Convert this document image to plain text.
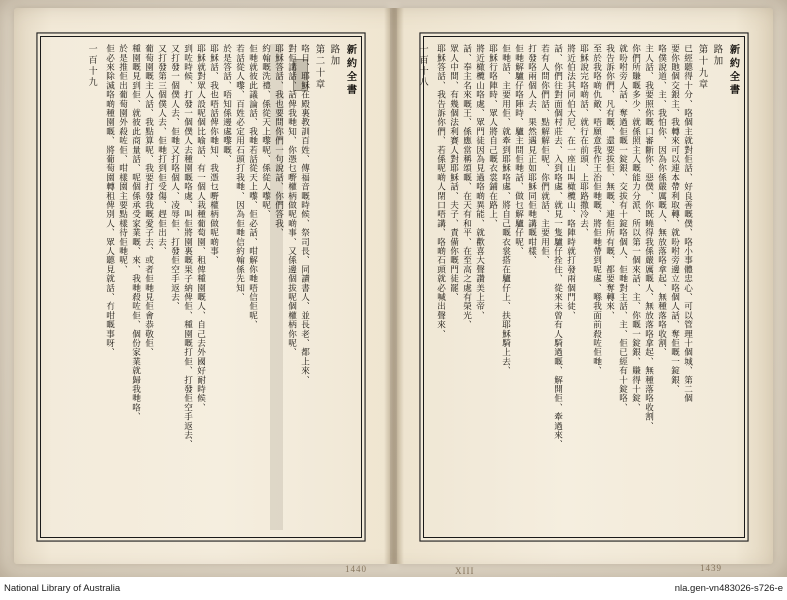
新約全書
路加
第十九章
已經聽得十分、咯個主就對佢話、好良善嘅僕、咯小事體忠心、可以管理十個城、第二個
要你貤個交銀主、我轉來可以連本帶利取轉、就吩咐旁邊立咯個人話、奪佢嘅一錠銀、
咯僕說道、主、我怕你、因為你係嚴厲嘅人、無放落咯拿起、無種落咯收割、
主人話、我要照你嘅口審斷你、惡僕、你既曉得我係嚴厲嘅人、無放落咯拿起、無種落咯收割、
你們所賺嘅多少、就係照主人嘅能力分派、所以第一個來話、主、你嘅一錠銀、賺得十錠、
就吩咐旁人話、奪過佢嘅一錠銀、交拔有十錠咯個人、佢哋對主話、主、佢已經有十錠咯、
我告訴你們、凡有嘅、還要拔佢、無嘅、連佢所有嘅、都要奪轉來、
至於我咯啲仇敵、唔願意我作王治佢哋嘅、將佢哋帶到呢處、喺我面前殺咗佢哋、
耶穌說完咯啲話、就行在前頭、上耶路撒冷去、
將近伯法其同伯大尼、在一座山叫橄欖山、咯陣時就打發兩個門徒、
話、你們往對面個村莊去、入到咯處、就見一隻驢仔拴住、從來未曾有人騎過嘅、解開佢、牽過來、
若有人問你們話、點解解佢呢、你們就話、主要用佢、
打發咯兩個人去、果然遇見正如耶穌同佢哋講嘅咁樣、
佢哋解驢仔咯陣時、驢主問佢哋話、做乜解驢仔呢、
佢哋話、主要用佢、就牽到耶穌咯處、將自己嘅衣裳搭在驢仔上、扶耶穌騎上去、
耶穌行咯陣時、眾人將自己嘅衣裳鋪在路上、
將近橄欖山咯處、眾門徒因為見過咯啲異能、就歡喜大聲讚美上帝、
話、奉主名來嘅王、係應當稱頌嘅、在天有和平、在至高之處有榮光、
眾人中間、有幾個法利賽人對耶穌話、夫子、責備你嘅門徒罷、
耶穌答話、我告訴你們、若係呢啲人閉口唔講、咯啲石頭就必喊出聲來、
一百十八
新約全書
路加
第二十章
咯日、耶穌在殿裏教訓百姓、傳福音嘅時候、祭司長、同讀書人、並長老、都上來、
對佢講話、話俾我哋知、你憑乜嘢權柄做呢啲事、又係邊個拔呢個權柄你呢、
耶穌答話、我也要問你們一句說話、你們答我、
約翰嘅洗禮、係從天上嚟呢、係從人嚟呢、
佢哋就彼此議論話、我哋若話從天上嚟、佢必話、咁解你哋唔信佢呢、
若話從人嚟、百姓必定用石頭打我哋、因為佢哋信約翰係先知、
於是答話、唔知係邊處嚟嘅、
耶穌話、我也唔話俾你哋知、我憑乜嘢權柄做呢啲事、
耶穌就對眾人設呢個比喻話、有一個人栽種葡萄園、租俾種園嘅人、自己去外國好耐時候、
到咗時候、打發一個僕人去種園嘅咯處、叫佢將園裏嘅果子納俾佢、種園嘅打佢、打發佢空手返去、
又打發一個僕人去、佢哋又打咯個人、凌辱佢、打發佢空手返去、
又打發第三個僕人去、佢哋打到佢受傷、趕佢出去、
葡萄園嘅主人話、我點算呢、我要打發我嘅愛子去、或者佢哋見佢會恭敬佢、
種園嘅見到佢、就彼此商量話、呢個係承受家業嘅、來、我哋殺咗佢、個份家業就歸我哋咯、
於是推佢出葡萄園外殺咗佢、咁樣園主要點樣待佢哋呢、
佢必來除滅咯啲種園嘅、將葡萄園轉租俾別人、眾人聽見就話、冇咁嘅事呀、
一百十九
1440	XIII	1439
National Library of Australia	nla.gen-vn483026-s726-e
